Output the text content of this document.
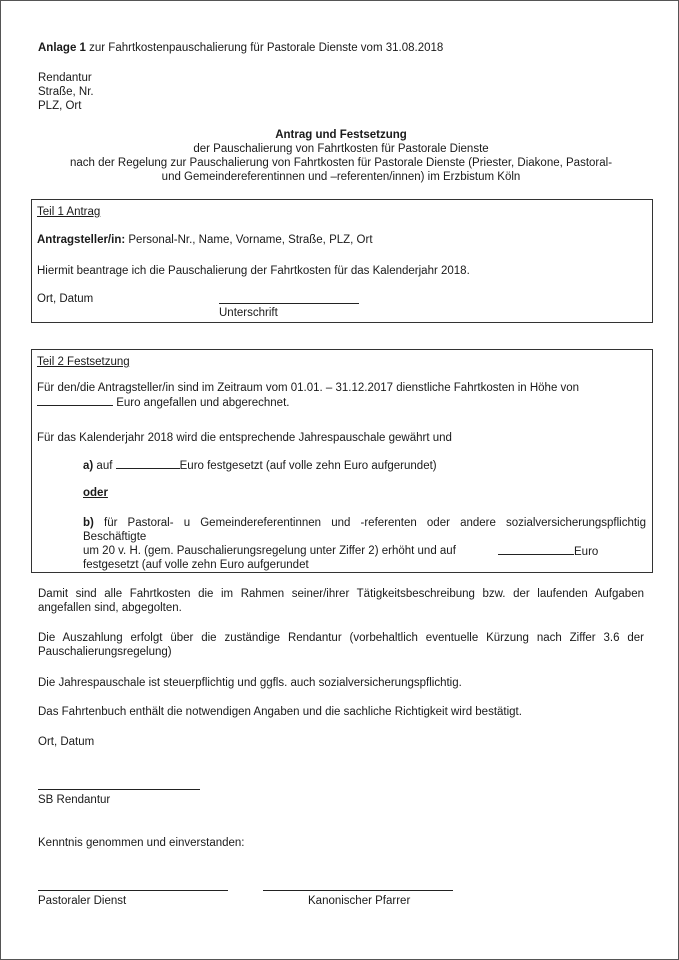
Anlage 1 zur Fahrtkostenpauschalierung für Pastorale Dienste vom 31.08.2018
Rendantur
Straße, Nr.
PLZ, Ort
Antrag und Festsetzung
der Pauschalierung von Fahrtkosten für Pastorale Dienste
nach der Regelung zur Pauschalierung von Fahrtkosten für Pastorale Dienste (Priester, Diakone, Pastoral-
und Gemeindereferentinnen und –referenten/innen) im Erzbistum Köln
Teil 1 Antrag
Antragsteller/in: Personal-Nr., Name, Vorname, Straße, PLZ, Ort
Hiermit beantrage ich die Pauschalierung der Fahrtkosten für das Kalenderjahr 2018.
Ort, Datum
Unterschrift
Teil 2 Festsetzung
Für den/die Antragsteller/in sind im Zeitraum vom 01.01. – 31.12.2017 dienstliche Fahrtkosten in Höhe von
Euro angefallen und abgerechnet.
Für das Kalenderjahr 2018 wird die entsprechende Jahrespauschale gewährt und
a) auf	Euro festgesetzt (auf volle zehn Euro aufgerundet)
oder
b) für Pastoral- u Gemeindereferentinnen und -referenten oder andere sozialversicherungspflichtig Beschäftigte
um 20 v. H. (gem. Pauschalierungsregelung unter Ziffer 2) erhöht und auf	Euro
festgesetzt (auf volle zehn Euro aufgerundet
Damit sind alle Fahrtkosten die im Rahmen seiner/ihrer Tätigkeitsbeschreibung bzw. der laufenden Aufgaben angefallen sind, abgegolten.
Die Auszahlung erfolgt über die zuständige Rendantur (vorbehaltlich eventuelle Kürzung nach Ziffer 3.6 der Pauschalierungsregelung)
Die Jahrespauschale ist steuerpflichtig und ggfls. auch sozialversicherungspflichtig.
Das Fahrtenbuch enthält die notwendigen Angaben und die sachliche Richtigkeit wird bestätigt.
Ort, Datum
SB Rendantur
Kenntnis genommen und einverstanden:
Pastoraler Dienst	Kanonischer Pfarrer
